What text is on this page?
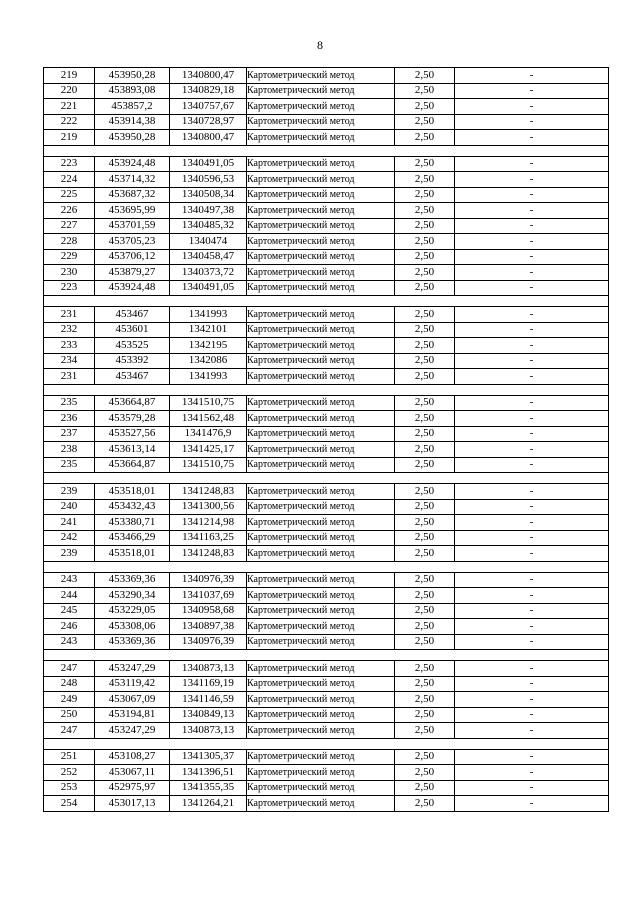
8
219	453950,28	1340800,47	Картометрический метод	2,50	-
220	453893,08	1340829,18	Картометрический метод	2,50	-
221	453857,2	1340757,67	Картометрический метод	2,50	-
222	453914,38	1340728,97	Картометрический метод	2,50	-
219	453950,28	1340800,47	Картометрический метод	2,50	-

223	453924,48	1340491,05	Картометрический метод	2,50	-
224	453714,32	1340596,53	Картометрический метод	2,50	-
225	453687,32	1340508,34	Картометрический метод	2,50	-
226	453695,99	1340497,38	Картометрический метод	2,50	-
227	453701,59	1340485,32	Картометрический метод	2,50	-
228	453705,23	1340474	Картометрический метод	2,50	-
229	453706,12	1340458,47	Картометрический метод	2,50	-
230	453879,27	1340373,72	Картометрический метод	2,50	-
223	453924,48	1340491,05	Картометрический метод	2,50	-

231	453467	1341993	Картометрический метод	2,50	-
232	453601	1342101	Картометрический метод	2,50	-
233	453525	1342195	Картометрический метод	2,50	-
234	453392	1342086	Картометрический метод	2,50	-
231	453467	1341993	Картометрический метод	2,50	-

235	453664,87	1341510,75	Картометрический метод	2,50	-
236	453579,28	1341562,48	Картометрический метод	2,50	-
237	453527,56	1341476,9	Картометрический метод	2,50	-
238	453613,14	1341425,17	Картометрический метод	2,50	-
235	453664,87	1341510,75	Картометрический метод	2,50	-

239	453518,01	1341248,83	Картометрический метод	2,50	-
240	453432,43	1341300,56	Картометрический метод	2,50	-
241	453380,71	1341214,98	Картометрический метод	2,50	-
242	453466,29	1341163,25	Картометрический метод	2,50	-
239	453518,01	1341248,83	Картометрический метод	2,50	-

243	453369,36	1340976,39	Картометрический метод	2,50	-
244	453290,34	1341037,69	Картометрический метод	2,50	-
245	453229,05	1340958,68	Картометрический метод	2,50	-
246	453308,06	1340897,38	Картометрический метод	2,50	-
243	453369,36	1340976,39	Картометрический метод	2,50	-

247	453247,29	1340873,13	Картометрический метод	2,50	-
248	453119,42	1341169,19	Картометрический метод	2,50	-
249	453067,09	1341146,59	Картометрический метод	2,50	-
250	453194,81	1340849,13	Картометрический метод	2,50	-
247	453247,29	1340873,13	Картометрический метод	2,50	-

251	453108,27	1341305,37	Картометрический метод	2,50	-
252	453067,11	1341396,51	Картометрический метод	2,50	-
253	452975,97	1341355,35	Картометрический метод	2,50	-
254	453017,13	1341264,21	Картометрический метод	2,50	-
